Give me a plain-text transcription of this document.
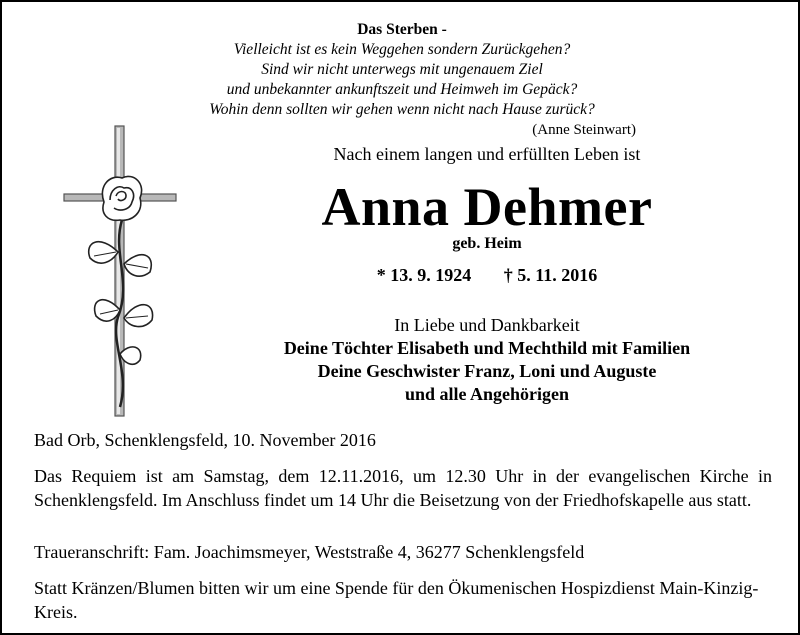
Das Sterben -
Vielleicht ist es kein Weggehen sondern Zurückgehen?
Sind wir nicht unterwegs mit ungenauem Ziel
und unbekannter ankunftszeit und Heimweh im Gepäck?
Wohin denn sollten wir gehen wenn nicht nach Hause zurück?
(Anne Steinwart)
Nach einem langen und erfüllten Leben ist
Anna Dehmer
geb. Heim
* 13. 9. 1924 † 5. 11. 2016
In Liebe und Dankbarkeit
Deine Töchter Elisabeth und Mechthild mit Familien
Deine Geschwister Franz, Loni und Auguste
und alle Angehörigen
Bad Orb, Schenklengsfeld, 10. November 2016
Das Requiem ist am Samstag, dem 12.11.2016, um 12.30 Uhr in der evangelischen Kirche in Schenklengsfeld. Im Anschluss findet um 14 Uhr die Beisetzung von der Friedhofskapelle aus statt.
Traueranschrift: Fam. Joachimsmeyer, Weststraße 4, 36277 Schenklengsfeld
Statt Kränzen/Blumen bitten wir um eine Spende für den Ökumenischen Hospizdienst Main-Kinzig-Kreis.
